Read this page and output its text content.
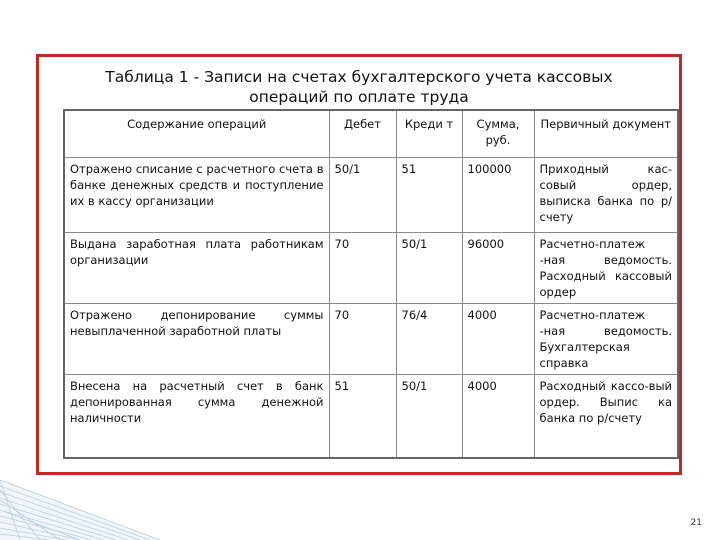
Таблица 1 - Записи на счетах бухгалтерского учета кассовых
операций по оплате труда
Содержание операций	Дебет	Креди т	Сумма, руб.	Первичный документ
Отражено списание с расчетного счета в банке денежных средств и поступление их в кассу организации	50/1	51	100000	Приходный кас-совый ордер, выписка банка по р/счету
Выдана заработная плата работникам организации	70	50/1	96000	Расчетно-платеж -ная ведомость. Расходный кассовый ордер
Отражено депонирование суммы невыплаченной заработной платы	70	76/4	4000	Расчетно-платеж -ная ведомость. Бухгалтерская справка
Внесена на расчетный счет в банк депонированная сумма денежной наличности	51	50/1	4000	Расходный кассо-вый ордер. Выпис ка банка по р/счету
21
